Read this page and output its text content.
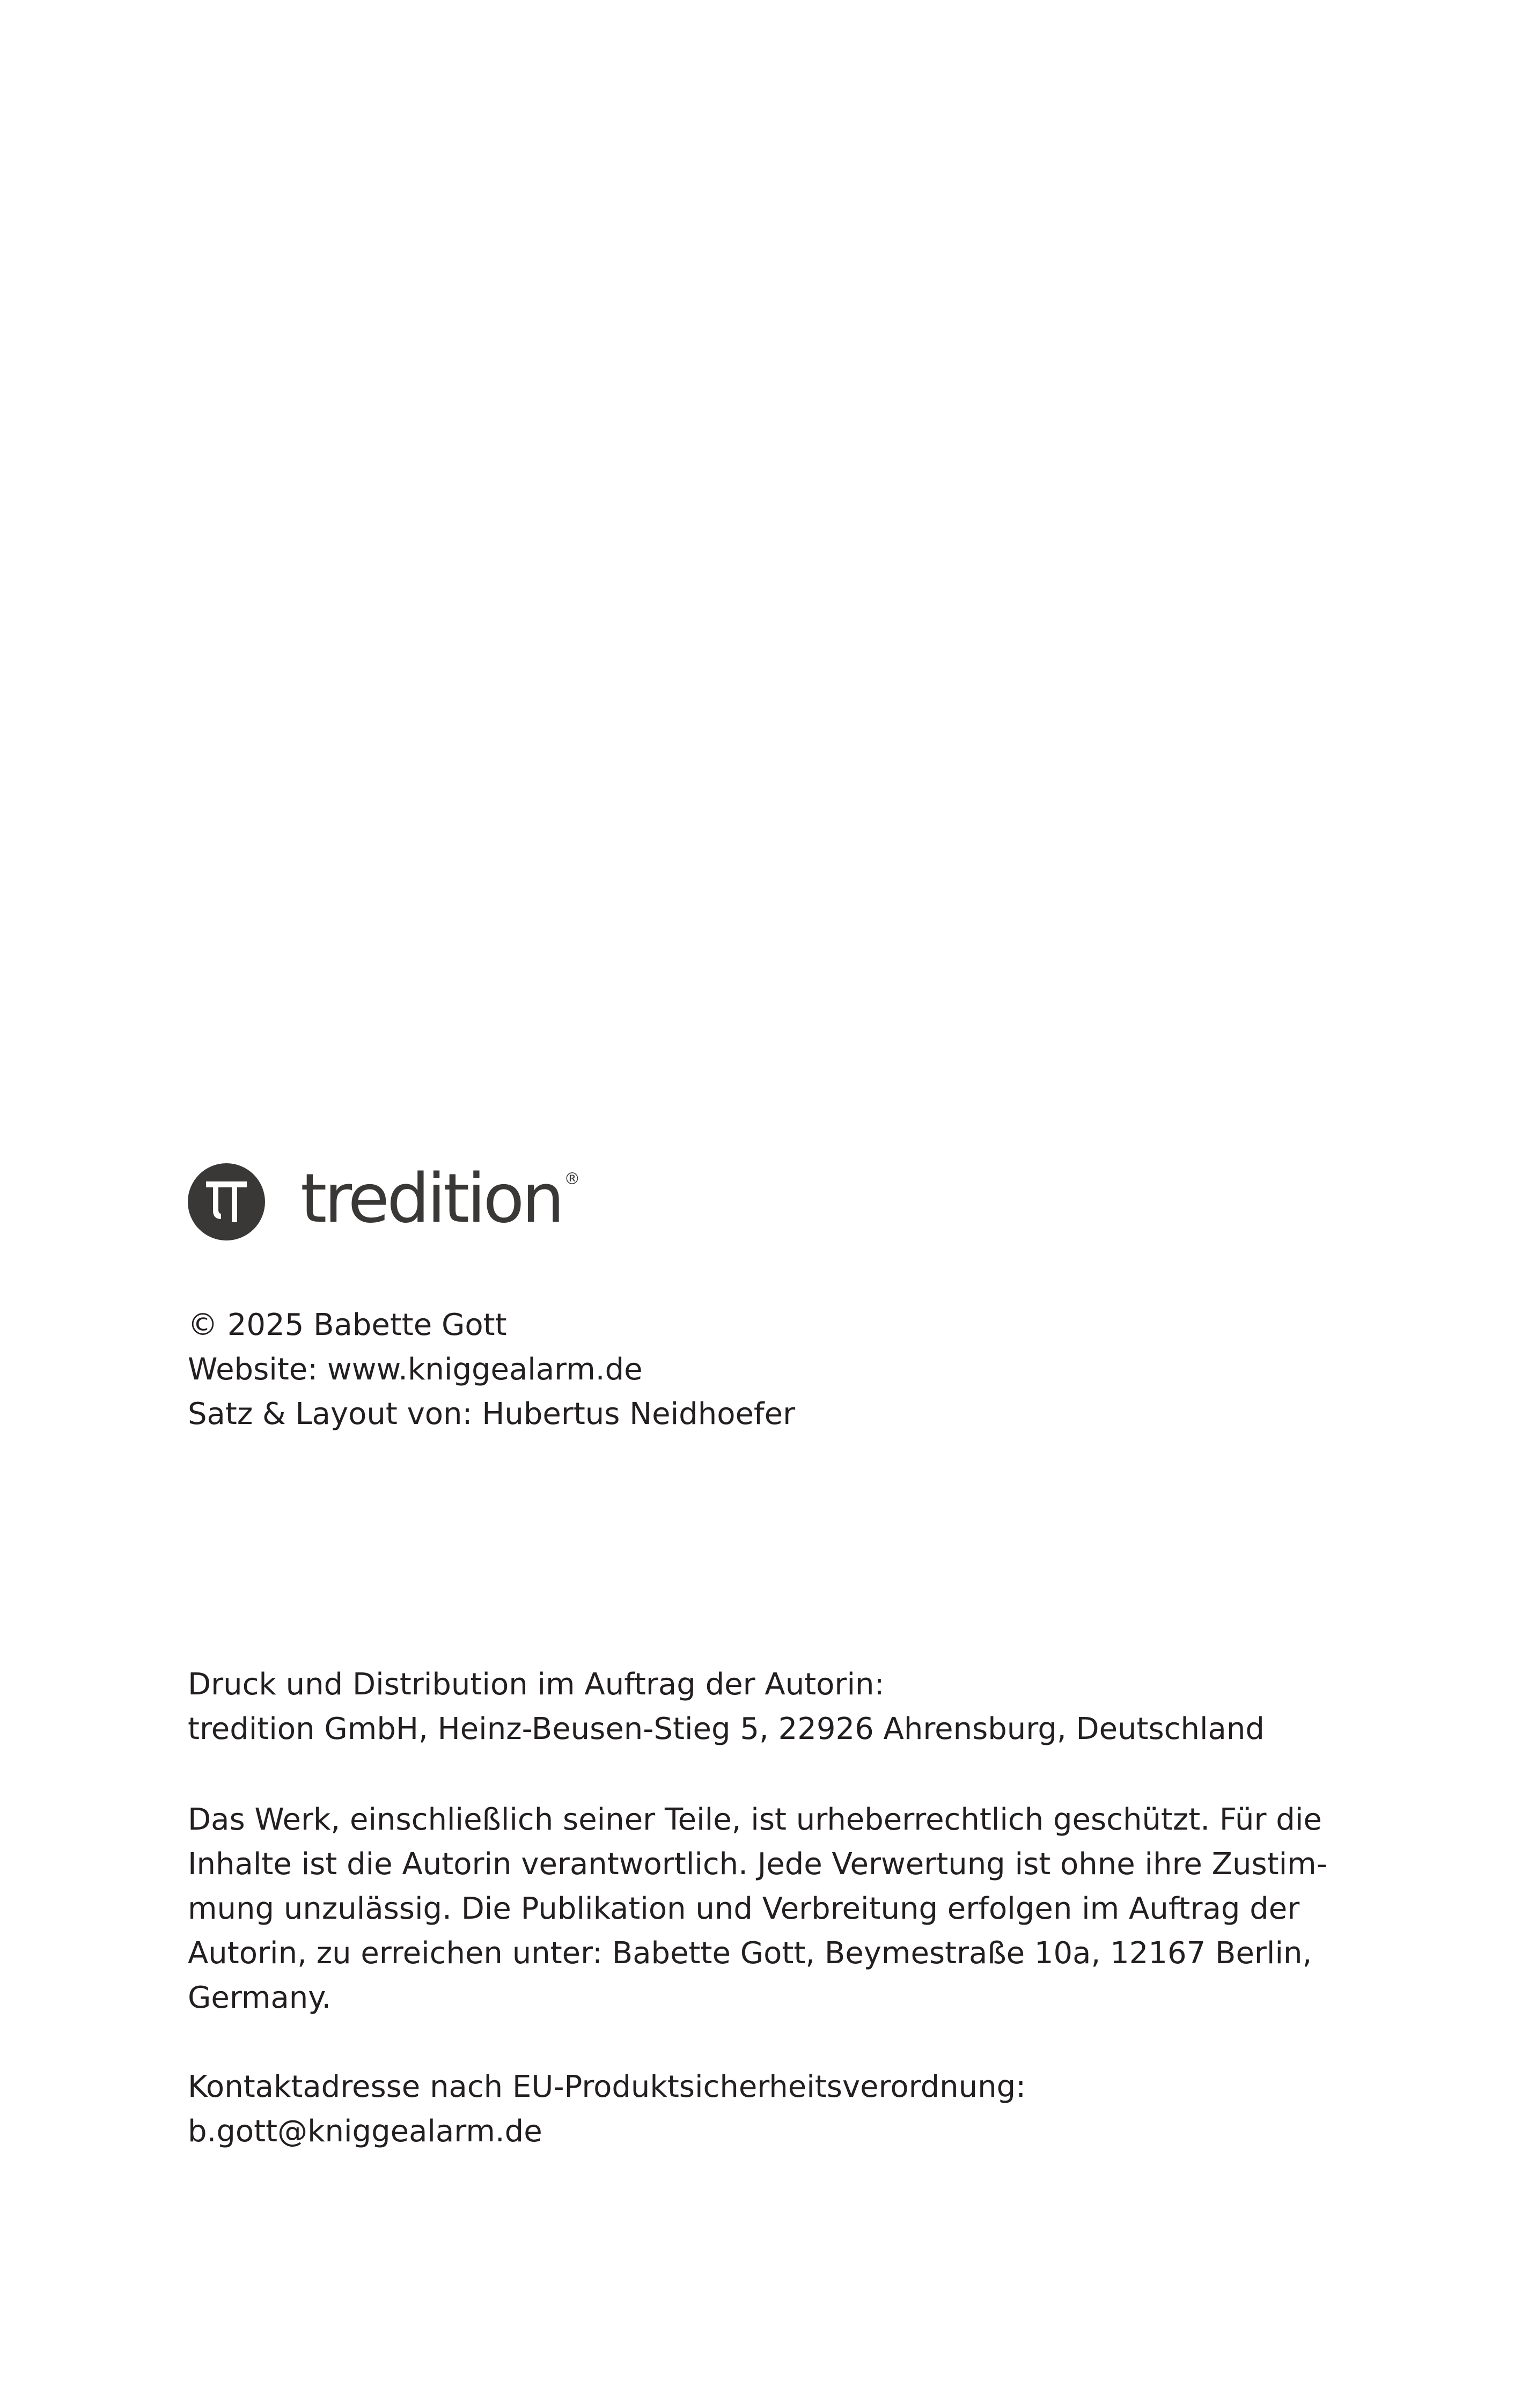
tredition ®

© 2025 Babette Gott

Website: www.kniggealarm.de

Satz & Layout von: Hubertus Neidhoefer

Druck und Distribution im Auftrag der Autorin:

tredition GmbH, Heinz-Beusen-Stieg 5, 22926 Ahrensburg, Deutschland

Das Werk, einschließlich seiner Teile, ist urheberrechtlich geschützt. Für die

Inhalte ist die Autorin verantwortlich. Jede Verwertung ist ohne ihre Zustim-

mung unzulässig. Die Publikation und Verbreitung erfolgen im Auftrag der

Autorin, zu erreichen unter: Babette Gott, Beymestraße 10a, 12167 Berlin,

Germany.

Kontaktadresse nach EU-Produktsicherheitsverordnung:

b.gott@kniggealarm.de
